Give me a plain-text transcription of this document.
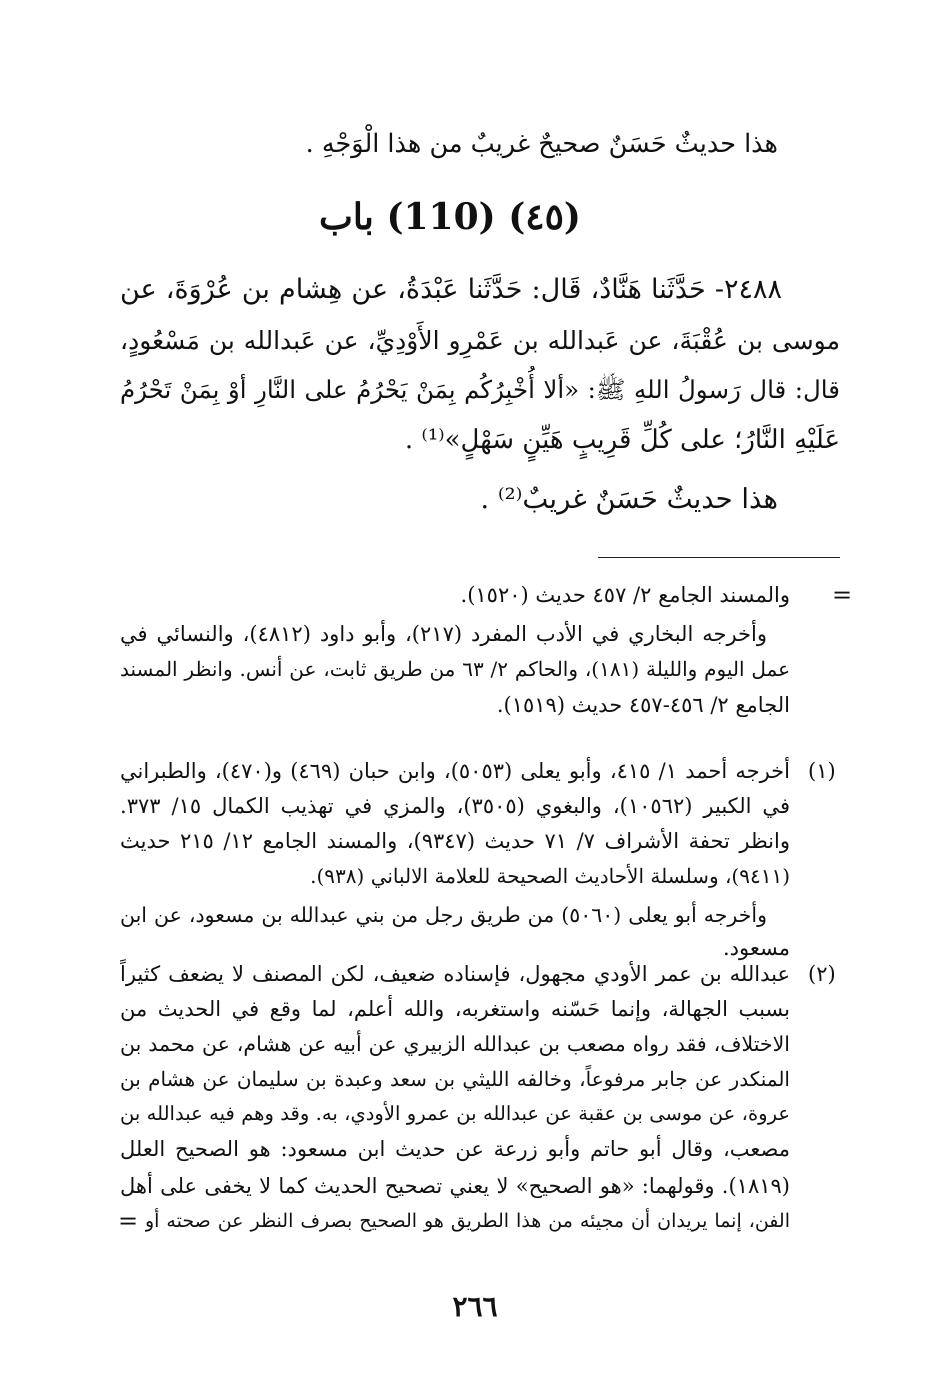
هذا حديثٌ حَسَنٌ صحيحٌ غريبٌ من هذا الْوَجْهِ .
(٤٥) (110) باب
٢٤٨٨- حَدَّثَنا هَنَّادٌ، قَال: حَدَّثَنا عَبْدَةُ، عن هِشام بن عُرْوَةَ، عن
موسى بن عُقْبَةَ، عن عَبدالله بن عَمْرِو الأَوْدِيِّ، عن عَبدالله بن مَسْعُودٍ،
قال: قال رَسولُ اللهِ ﷺ: «ألا أُخْبِرُكُم بِمَنْ يَحْرُمُ على النَّارِ أوْ بِمَنْ تَحْرُمُ
عَلَيْهِ النَّارُ؛ على كُلِّ قَرِيبٍ هَيِّنٍ سَهْلٍ»⁽¹⁾ .
هذا حديثٌ حَسَنٌ غريبٌ⁽²⁾ .
=
والمسند الجامع ٢/ ٤٥٧ حديث (١٥٢٠).
وأخرجه البخاري في الأدب المفرد (٢١٧)، وأبو داود (٤٨١٢)، والنسائي في
عمل اليوم والليلة (١٨١)، والحاكم ٢/ ٦٣ من طريق ثابت، عن أنس. وانظر المسند
الجامع ٢/ ٤٥٦-٤٥٧ حديث (١٥١٩).
(١)
أخرجه أحمد ١/ ٤١٥، وأبو يعلى (٥٠٥٣)، وابن حبان (٤٦٩) و(٤٧٠)، والطبراني
في الكبير (١٠٥٦٢)، والبغوي (٣٥٠٥)، والمزي في تهذيب الكمال ١٥/ ٣٧٣.
وانظر تحفة الأشراف ٧/ ٧١ حديث (٩٣٤٧)، والمسند الجامع ١٢/ ٢١٥ حديث
(٩٤١١)، وسلسلة الأحاديث الصحيحة للعلامة الالباني (٩٣٨).
وأخرجه أبو يعلى (٥٠٦٠) من طريق رجل من بني عبدالله بن مسعود، عن ابن
مسعود.
(٢)
عبدالله بن عمر الأودي مجهول، فإسناده ضعيف، لكن المصنف لا يضعف كثيراً
بسبب الجهالة، وإنما حَسّنه واستغربه، والله أعلم، لما وقع في الحديث من
الاختلاف، فقد رواه مصعب بن عبدالله الزبيري عن أبيه عن هشام، عن محمد بن
المنكدر عن جابر مرفوعاً، وخالفه الليثي بن سعد وعبدة بن سليمان عن هشام بن
عروة، عن موسى بن عقبة عن عبدالله بن عمرو الأودي، به. وقد وهم فيه عبدالله بن
مصعب، وقال أبو حاتم وأبو زرعة عن حديث ابن مسعود: هو الصحيح العلل
(١٨١٩). وقولهما: «هو الصحيح» لا يعني تصحيح الحديث كما لا يخفى على أهل
الفن، إنما يريدان أن مجيئه من هذا الطريق هو الصحيح بصرف النظر عن صحته أو
=
٢٦٦
